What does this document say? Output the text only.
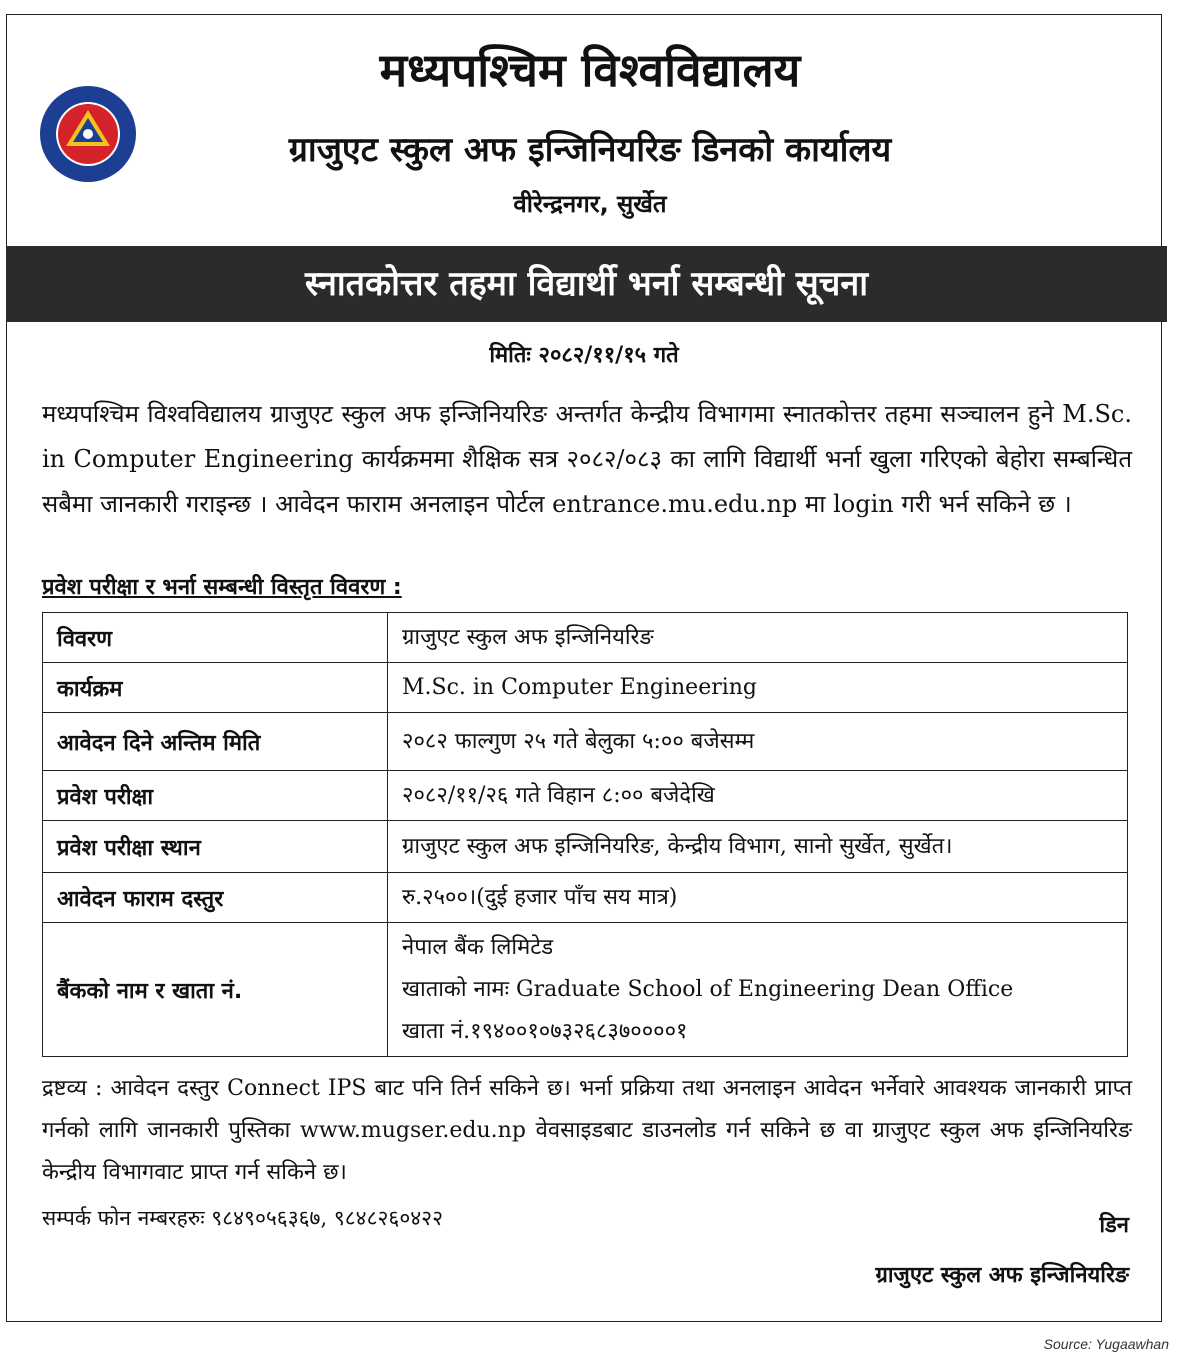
मध्यपश्चिम विश्वविद्यालय
ग्राजुएट स्कुल अफ इन्जिनियरिङ डिनको कार्यालय
वीरेन्द्रनगर, सुर्खेत
स्नातकोत्तर तहमा विद्यार्थी भर्ना सम्बन्धी सूचना
मितिः २०८२/११/१५ गते
मध्यपश्चिम विश्वविद्यालय ग्राजुएट स्कुल अफ इन्जिनियरिङ अन्तर्गत केन्द्रीय विभागमा स्नातकोत्तर तहमा सञ्चालन हुने M.Sc. in Computer Engineering कार्यक्रममा शैक्षिक सत्र २०८२/०८३ का लागि विद्यार्थी भर्ना खुला गरिएको बेहोरा सम्बन्धित सबैमा जानकारी गराइन्छ । आवेदन फाराम अनलाइन पोर्टल entrance.mu.edu.np मा login गरी भर्न सकिने छ ।
प्रवेश परीक्षा र भर्ना सम्बन्धी विस्तृत विवरण :
विवरण	ग्राजुएट स्कुल अफ इन्जिनियरिङ
कार्यक्रम	M.Sc. in Computer Engineering
आवेदन दिने अन्तिम मिति	२०८२ फाल्गुण २५ गते बेलुका ५:०० बजेसम्म
प्रवेश परीक्षा	२०८२/११/२६ गते विहान ८:०० बजेदेखि
प्रवेश परीक्षा स्थान	ग्राजुएट स्कुल अफ इन्जिनियरिङ, केन्द्रीय विभाग, सानो सुर्खेत, सुर्खेत।
आवेदन फाराम दस्तुर	रु.२५००।(दुई हजार पाँच सय मात्र)
बैंकको नाम र खाता नं.	नेपाल बैंक लिमिटेड
खाताको नामः Graduate School of Engineering Dean Office
खाता नं.१९४००१०७३२६८३७००००१
द्रष्टव्य : आवेदन दस्तुर Connect IPS बाट पनि तिर्न सकिने छ। भर्ना प्रक्रिया तथा अनलाइन आवेदन भर्नेवारे आवश्यक जानकारी प्राप्त गर्नको लागि जानकारी पुस्तिका www.mugser.edu.np वेवसाइडबाट डाउनलोड गर्न सकिने छ वा ग्राजुएट स्कुल अफ इन्जिनियरिङ केन्द्रीय विभागवाट प्राप्त गर्न सकिने छ।
सम्पर्क फोन नम्बरहरुः ९८४९०५६३६७, ९८४८२६०४२२	डिन
ग्राजुएट स्कुल अफ इन्जिनियरिङ
Source: Yugaawhan
